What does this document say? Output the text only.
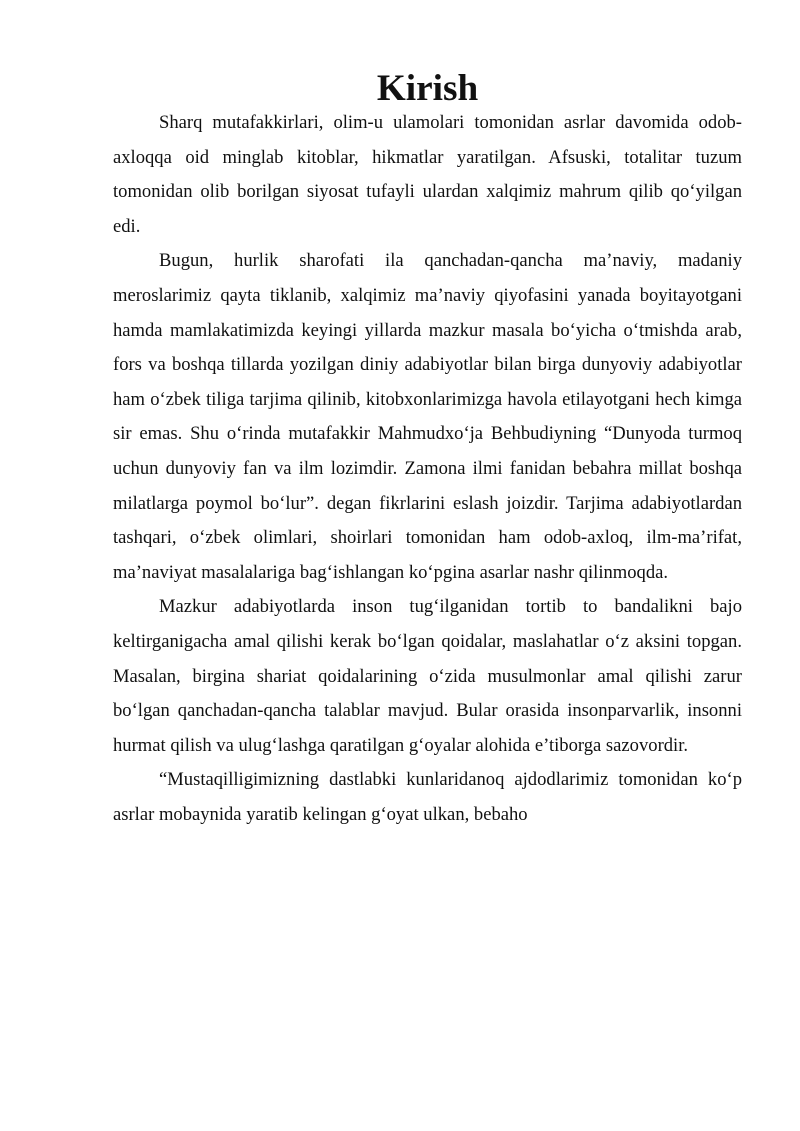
Kirish

Sharq mutafakkirlari, olim-u ulamolari tomonidan asrlar davomida odob-axloqqa oid minglab kitoblar, hikmatlar yaratilgan. Afsuski, totalitar tuzum tomonidan olib borilgan siyosat tufayli ulardan xalqimiz mahrum qilib qo‘yilgan edi.

Bugun, hurlik sharofati ila qanchadan-qancha ma’naviy, madaniy meroslarimiz qayta tiklanib, xalqimiz ma’naviy qiyofasini yanada boyitayotgani hamda mamlakatimizda keyingi yillarda mazkur masala bo‘yicha o‘tmishda arab, fors va boshqa tillarda yozilgan diniy adabiyotlar bilan birga dunyoviy adabiyotlar ham o‘zbek tiliga tarjima qilinib, kitobxonlarimizga havola etilayotgani hech kimga sir emas. Shu o‘rinda mutafakkir Mahmudxo‘ja Behbudiyning “Dunyoda turmoq uchun dunyoviy fan va ilm lozimdir. Zamona ilmi fanidan bebahra millat boshqa milatlarga poymol bo‘lur”. degan fikrlarini eslash joizdir. Tarjima adabiyotlardan tashqari, o‘zbek olimlari, shoirlari tomonidan ham odob-axloq, ilm-ma’rifat, ma’naviyat masalalariga bag‘ishlangan ko‘pgina asarlar nashr qilinmoqda.

Mazkur adabiyotlarda inson tug‘ilganidan tortib to bandalikni bajo keltirganigacha amal qilishi kerak bo‘lgan qoidalar, maslahatlar o‘z aksini topgan. Masalan, birgina shariat qoidalarining o‘zida musulmonlar amal qilishi zarur bo‘lgan qanchadan-qancha talablar mavjud. Bular orasida insonparvarlik, insonni hurmat qilish va ulug‘lashga qaratilgan g‘oyalar alohida e’tiborga sazovordir.

“Mustaqilligimizning dastlabki kunlaridanoq ajdodlarimiz tomonidan ko‘p asrlar mobaynida yaratib kelingan g‘oyat ulkan, bebaho
